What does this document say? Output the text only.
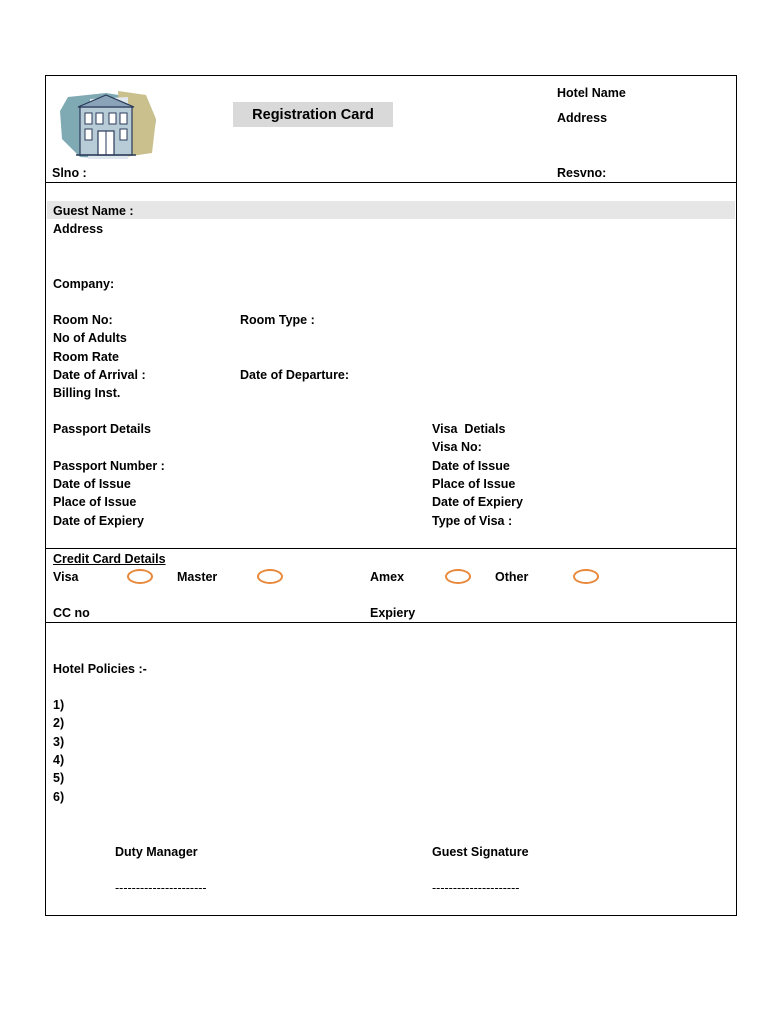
Registration Card
Hotel Name
Address
Slno :	Resvno:
Guest Name :
Address
Company:
Room No:	Room Type :
No of Adults
Room Rate
Date of Arrival :	Date of Departure:
Billing Inst.
Passport Details
Passport Number :
Date of Issue
Place of Issue
Date of Expiery
Visa  Detials
Visa No:
Date of Issue
Place of Issue
Date of Expiery
Type of Visa :
Credit Card Details
Visa	Master	Amex	Other
CC no	Expiery
Hotel Policies :-
1)
2)
3)
4)
5)
6)
Duty Manager
----------------------
Guest Signature
---------------------
